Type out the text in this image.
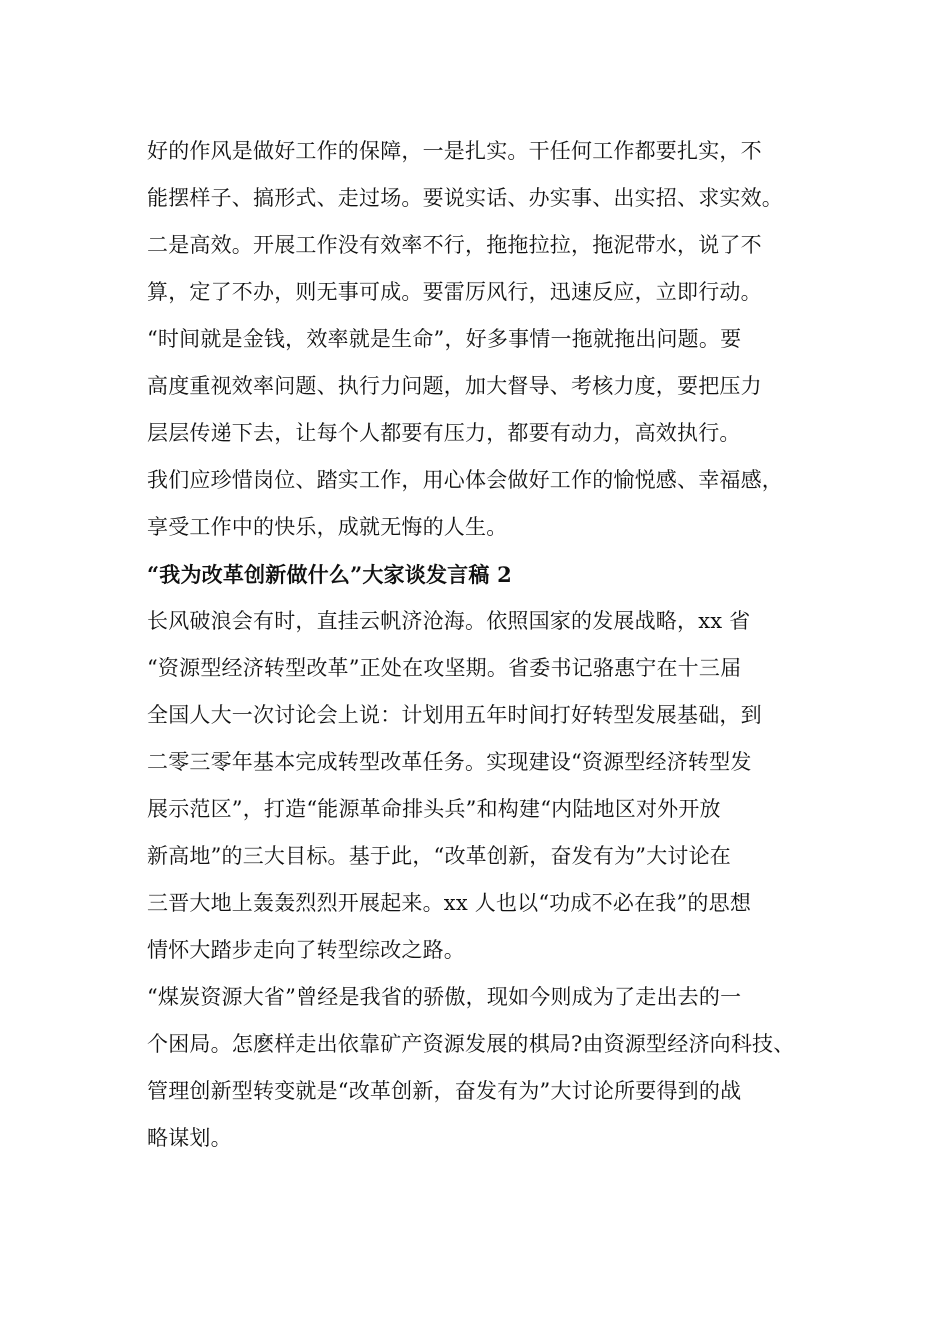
好的作风是做好工作的保障，一是扎实。干任何工作都要扎实，不
能摆样子、搞形式、走过场。要说实话、办实事、出实招、求实效。
二是高效。开展工作没有效率不行，拖拖拉拉，拖泥带水，说了不
算，定了不办，则无事可成。要雷厉风行，迅速反应，立即行动。
“时间就是金钱，效率就是生命”，好多事情一拖就拖出问题。要
高度重视效率问题、执行力问题，加大督导、考核力度，要把压力
层层传递下去，让每个人都要有压力，都要有动力，高效执行。
我们应珍惜岗位、踏实工作，用心体会做好工作的愉悦感、幸福感，
享受工作中的快乐，成就无悔的人生。
“我为改革创新做什么”大家谈发言稿 2
长风破浪会有时，直挂云帆济沧海。依照国家的发展战略，xx 省
“资源型经济转型改革”正处在攻坚期。省委书记骆惠宁在十三届
全国人大一次讨论会上说：计划用五年时间打好转型发展基础，到
二零三零年基本完成转型改革任务。实现建设“资源型经济转型发
展示范区”，打造“能源革命排头兵”和构建“内陆地区对外开放
新高地”的三大目标。基于此，“改革创新，奋发有为”大讨论在
三晋大地上轰轰烈烈开展起来。xx 人也以“功成不必在我”的思想
情怀大踏步走向了转型综改之路。
“煤炭资源大省”曾经是我省的骄傲，现如今则成为了走出去的一
个困局。怎麽样走出依靠矿产资源发展的棋局?由资源型经济向科技、
管理创新型转变就是“改革创新，奋发有为”大讨论所要得到的战
略谋划。
